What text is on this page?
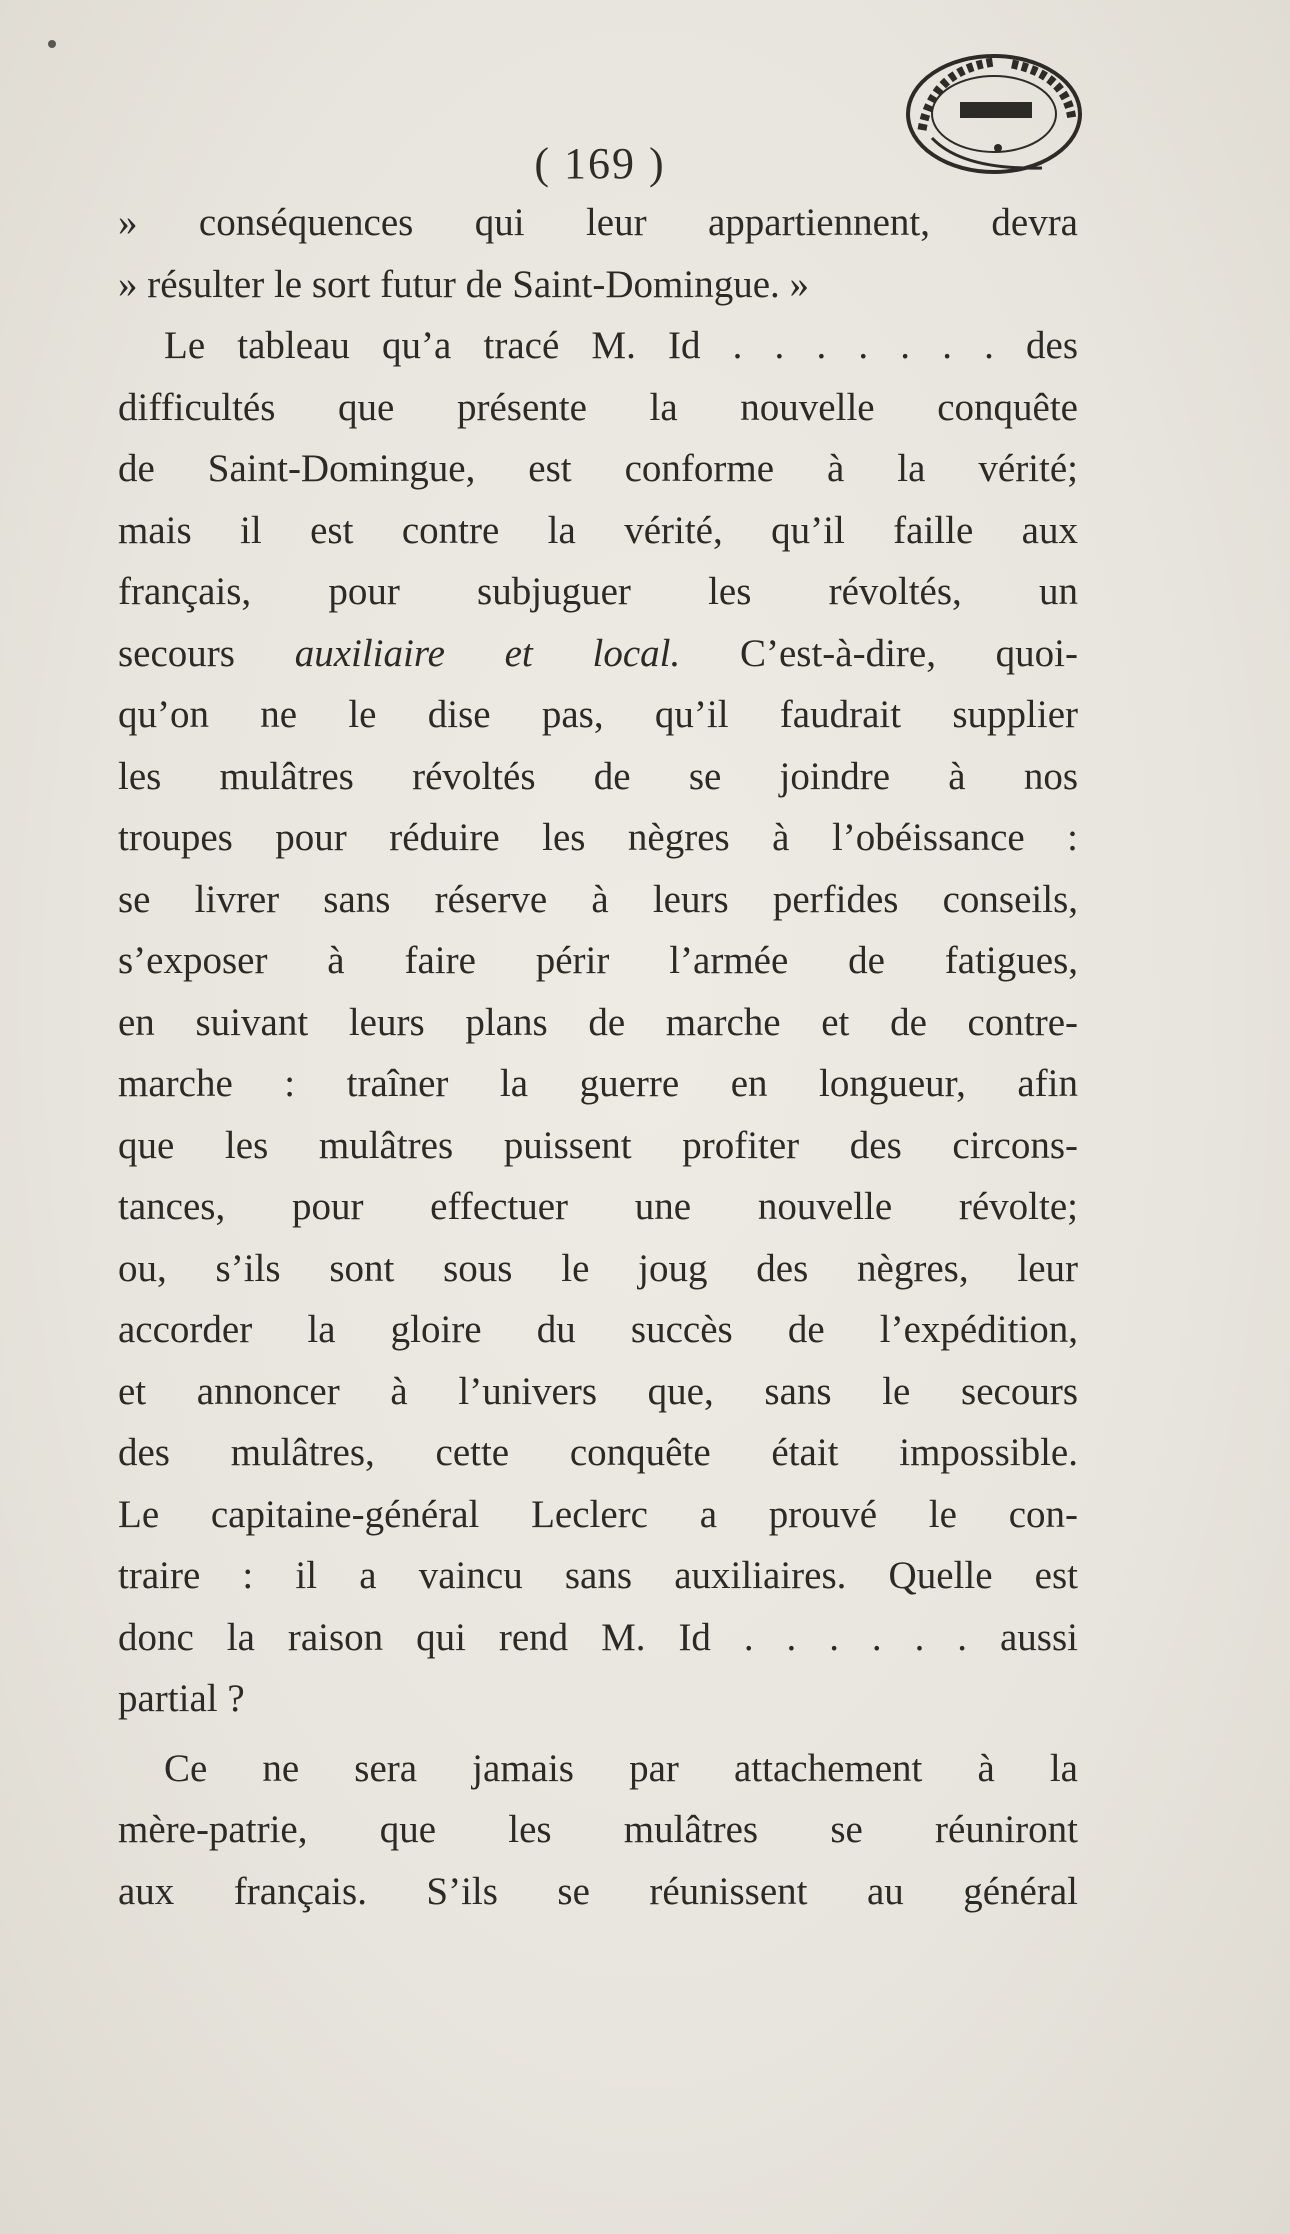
( 169 )
» conséquences qui leur appartiennent, devra
» résulter le sort futur de Saint-Domingue. »
Le tableau qu’a tracé M. Id . . . . . . . des
difficultés que présente la nouvelle conquête
de Saint-Domingue, est conforme à la vérité;
mais il est contre la vérité, qu’il faille aux
français, pour subjuguer les révoltés, un
secours auxiliaire et local. C’est-à-dire, quoi-
qu’on ne le dise pas, qu’il faudrait supplier
les mulâtres révoltés de se joindre à nos
troupes pour réduire les nègres à l’obéissance :
se livrer sans réserve à leurs perfides conseils,
s’exposer à faire périr l’armée de fatigues,
en suivant leurs plans de marche et de contre-
marche : traîner la guerre en longueur, afin
que les mulâtres puissent profiter des circons-
tances, pour effectuer une nouvelle révolte;
ou, s’ils sont sous le joug des nègres, leur
accorder la gloire du succès de l’expédition,
et annoncer à l’univers que, sans le secours
des mulâtres, cette conquête était impossible.
Le capitaine-général Leclerc a prouvé le con-
traire : il a vaincu sans auxiliaires. Quelle est
donc la raison qui rend M. Id . . . . . . aussi
partial ?
Ce ne sera jamais par attachement à la
mère-patrie, que les mulâtres se réuniront
aux français. S’ils se réunissent au général
